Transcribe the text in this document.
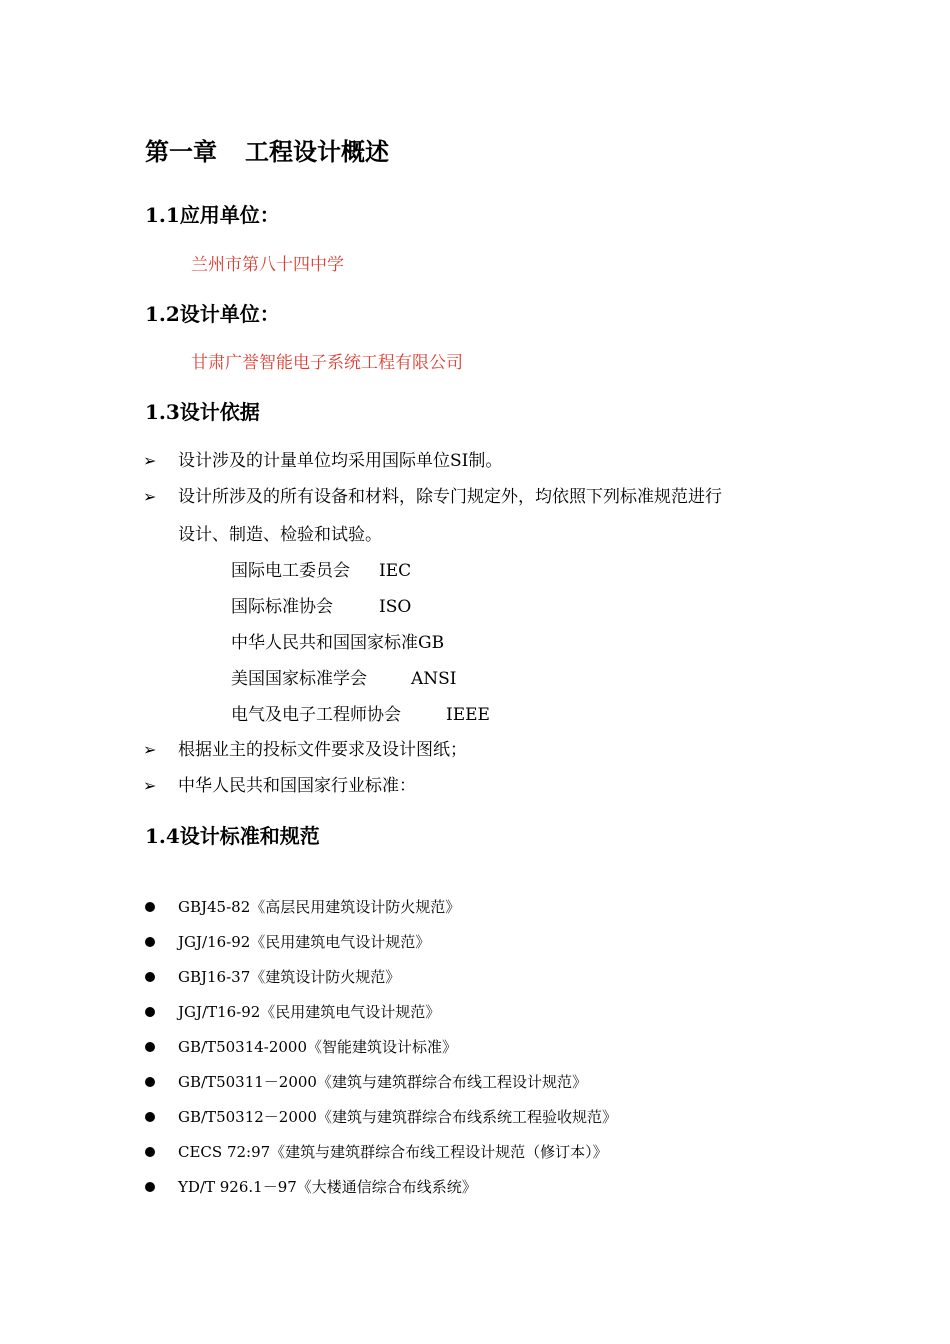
第一章 工程设计概述
1.1应用单位：
兰州市第八十四中学
1.2设计单位：
甘肃广誉智能电子系统工程有限公司
1.3设计依据
➢ 设计涉及的计量单位均采用国际单位SI制。
➢ 设计所涉及的所有设备和材料，除专门规定外，均依照下列标准规范进行
设计、制造、检验和试验。
国际电工委员会 IEC
国际标准协会	ISO
中华人民共和国国家标准GB
美国国家标准学会	ANSI
电气及电子工程师协会	IEEE
➢ 根据业主的投标文件要求及设计图纸；
➢ 中华人民共和国国家行业标准：
1.4设计标准和规范
GBJ45-82《高层民用建筑设计防火规范》
JGJ/16-92《民用建筑电气设计规范》
GBJ16-37《建筑设计防火规范》
JGJ/T16-92《民用建筑电气设计规范》
GB/T50314-2000《智能建筑设计标准》
GB/T50311－2000《建筑与建筑群综合布线工程设计规范》
GB/T50312－2000《建筑与建筑群综合布线系统工程验收规范》
CECS 72:97《建筑与建筑群综合布线工程设计规范（修订本）》
YD/T 926.1－97《大楼通信综合布线系统》
